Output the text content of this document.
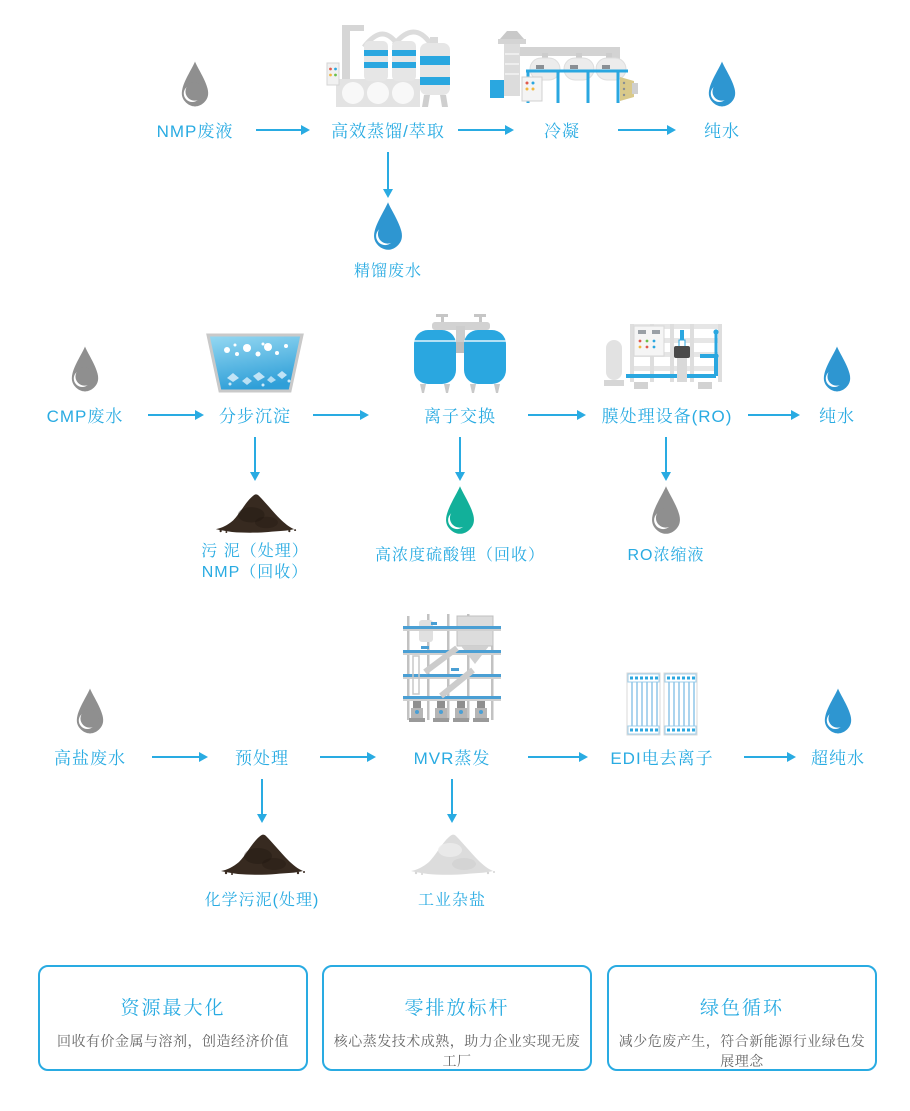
NMP废液	高效蒸馏/萃取	冷凝	纯水
精馏废水
CMP废水	分步沉淀	离子交换	膜处理设备(RO)	纯水
污 泥（处理）
NMP（回收）
高浓度硫酸锂（回收）	RO浓缩液
高盐废水	预处理	MVR蒸发	EDI电去离子	超纯水
化学污泥(处理)	工业杂盐
资源最大化
回收有价金属与溶剂，创造经济价值
零排放标杆
核心蒸发技术成熟，助力企业实现无废工厂
绿色循环
减少危废产生，符合新能源行业绿色发展理念
